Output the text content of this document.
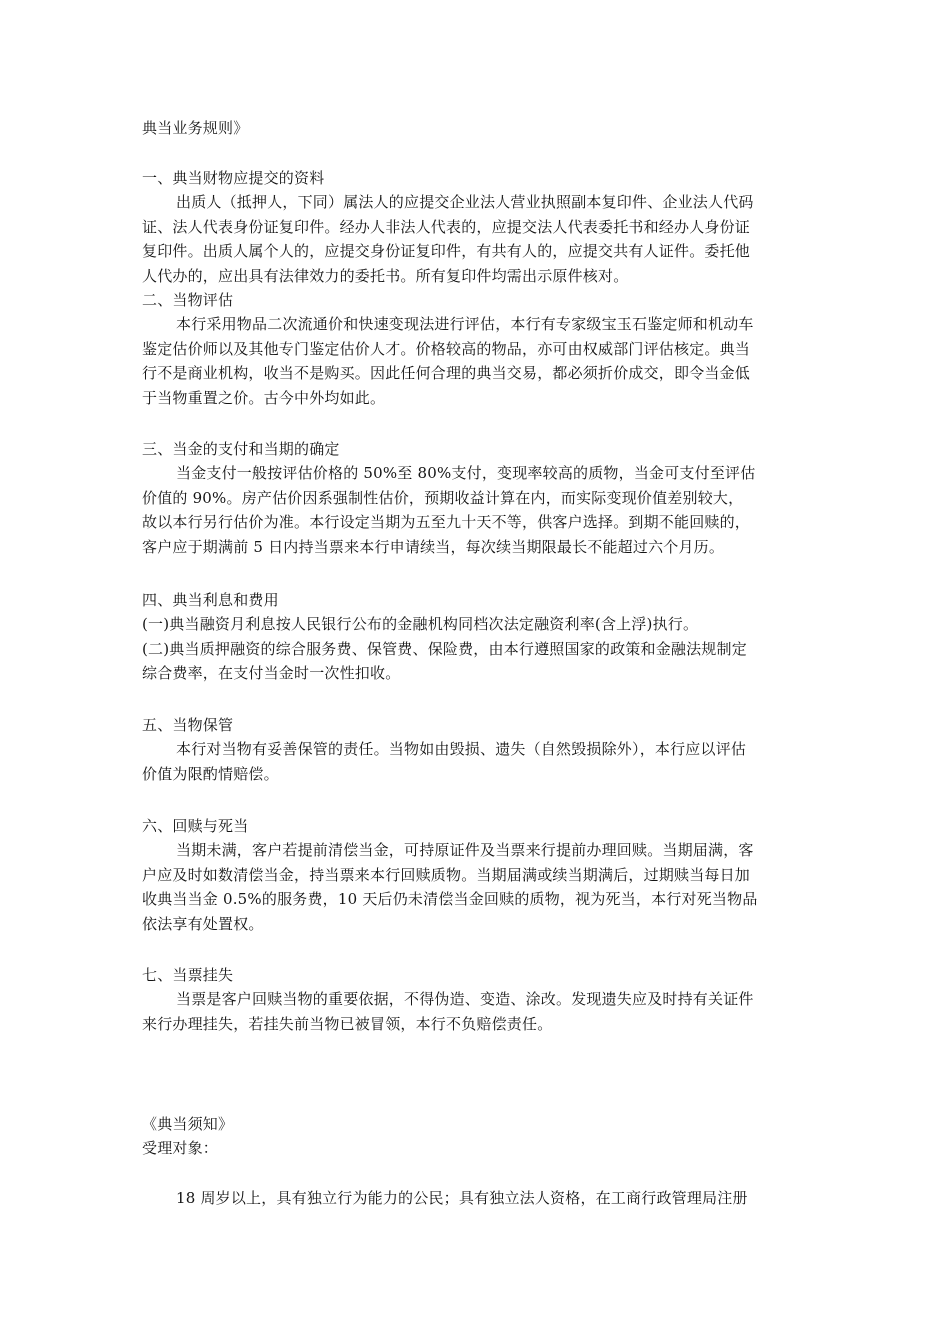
典当业务规则》
一、典当财物应提交的资料
出质人（抵押人，下同）属法人的应提交企业法人营业执照副本复印件、企业法人代码
证、法人代表身份证复印件。经办人非法人代表的，应提交法人代表委托书和经办人身份证
复印件。出质人属个人的，应提交身份证复印件，有共有人的，应提交共有人证件。委托他
人代办的，应出具有法律效力的委托书。所有复印件均需出示原件核对。
二、当物评估
本行采用物品二次流通价和快速变现法进行评估，本行有专家级宝玉石鉴定师和机动车
鉴定估价师以及其他专门鉴定估价人才。价格较高的物品，亦可由权威部门评估核定。典当
行不是商业机构，收当不是购买。因此任何合理的典当交易，都必须折价成交，即令当金低
于当物重置之价。古今中外均如此。
三、当金的支付和当期的确定
当金支付一般按评估价格的 50%至 80%支付，变现率较高的质物，当金可支付至评估
价值的 90%。房产估价因系强制性估价，预期收益计算在内，而实际变现价值差别较大，
故以本行另行估价为准。本行设定当期为五至九十天不等，供客户选择。到期不能回赎的，
客户应于期满前 5 日内持当票来本行申请续当，每次续当期限最长不能超过六个月历。
四、典当利息和费用
(一)典当融资月利息按人民银行公布的金融机构同档次法定融资利率(含上浮)执行。
(二)典当质押融资的综合服务费、保管费、保险费，由本行遵照国家的政策和金融法规制定
综合费率，在支付当金时一次性扣收。
五、当物保管
本行对当物有妥善保管的责任。当物如由毁损、遗失（自然毁损除外），本行应以评估
价值为限酌情赔偿。
六、回赎与死当
当期未满，客户若提前清偿当金，可持原证件及当票来行提前办理回赎。当期届满，客
户应及时如数清偿当金，持当票来本行回赎质物。当期届满或续当期满后，过期赎当每日加
收典当当金 0.5%的服务费，10 天后仍未清偿当金回赎的质物，视为死当，本行对死当物品
依法享有处置权。
七、当票挂失
当票是客户回赎当物的重要依据，不得伪造、变造、涂改。发现遗失应及时持有关证件
来行办理挂失，若挂失前当物已被冒领，本行不负赔偿责任。
《典当须知》
受理对象：
18 周岁以上，具有独立行为能力的公民；具有独立法人资格，在工商行政管理局注册
